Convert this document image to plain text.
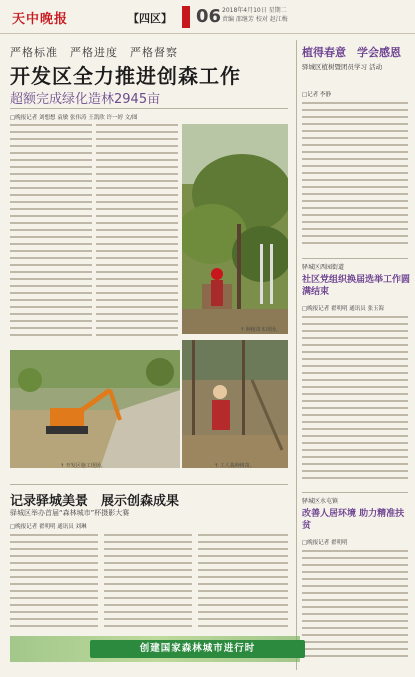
天中晚报	【四区】 06 2018年4月10日 星期二
责编 邵继芳 校对 赵江梅
严格标准　严格进度　严格督察
开发区全力推进创森工作
超额完成绿化造林2945亩
□晚报记者 刘想想 袁敏 张伟涛 王凯欣 许一婷 文/图
↑ 种植苗木现场。
↑ 工人栽种树苗。
↑ 开发区施工现场。
植得春意　学会感恩
驿城区植树暨团员学习 活动
□记者 李静
驿城区西园街道
社区党组织换届选举工作圆满结束
□晚报记者 翟明明 通讯员 张玉海
驿城区水屯镇
改善人居环境 助力精准扶贫
□晚报记者 翟明明
记录驿城美景　展示创森成果
驿城区举办首届“森林城市”杯摄影大赛
□晚报记者 翟明明 通讯员 刘琳
创建国家森林城市进行时
